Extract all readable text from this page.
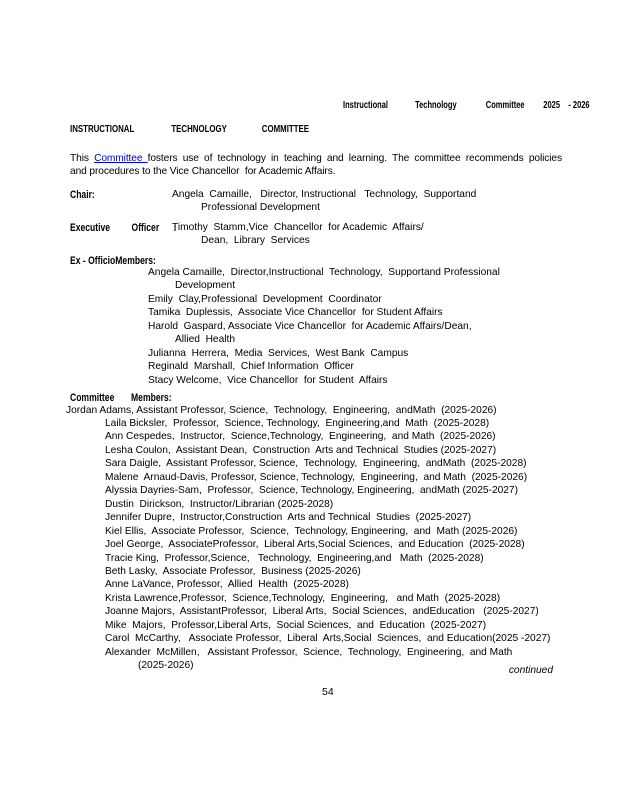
Instructional             Technology              Committee         2025    - 2026
INSTRUCTIONAL                 TECHNOLOGY                COMMITTEE
This Committee fosters use of technology in teaching and learning. The committee recommends policies
and procedures to the Vice Chancellor  for Academic Affairs.
Chair:	Angela  Camaille,   Director, Instructional   Technology,  Supportand
Professional Development
Executive         Officer      :
Timothy  Stamm,Vice  Chancellor  for Academic  Affairs/
Dean,  Library  Services
Ex - OfficioMembers:
Angela Camaille,  Director,Instructional  Technology,  Supportand Professional
Development
Emily  Clay,Professional  Development  Coordinator
Tamika  Duplessis,  Associate Vice Chancellor  for Student Affairs
Harold  Gaspard, Associate Vice Chancellor  for Academic Affairs/Dean,
Allied  Health
Julianna  Herrera,  Media  Services,  West Bank  Campus
Reginald  Marshall,  Chief Information  Officer
Stacy Welcome,  Vice Chancellor  for Student  Affairs
Committee       Members:
Jordan Adams, Assistant Professor, Science,  Technology,  Engineering,  andMath  (2025-2026)
Laila Bicksler,  Professor,  Science, Technology,  Engineering,and  Math  (2025-2028)
Ann Cespedes,  Instructor,  Science,Technology,  Engineering,  and Math  (2025-2026)
Lesha Coulon,  Assistant Dean,  Construction  Arts and Technical  Studies (2025-2027)
Sara Daigle,  Assistant Professor, Science,  Technology,  Engineering,  andMath  (2025-2028)
Malene  Arnaud-Davis, Professor, Science, Technology,  Engineering,  and Math  (2025-2026)
Alyssia Dayries-Sam,  Professor,  Science, Technology, Engineering,  andMath (2025-2027)
Dustin  Dirickson,  Instructor/Librarian (2025-2028)
Jennifer Dupre,  Instructor,Construction  Arts and Technical  Studies  (2025-2027)
Kiel Ellis,  Associate Professor,  Science,  Technology, Engineering,  and  Math (2025-2026)
Joel George,  AssociateProfessor,  Liberal Arts,Social Sciences,  and Education  (2025-2028)
Tracie King,  Professor,Science,   Technology,  Engineering,and   Math  (2025-2028)
Beth Lasky,  Associate Professor,  Business (2025-2026)
Anne LaVance, Professor,  Allied  Health  (2025-2028)
Krista Lawrence,Professor,  Science,Technology,  Engineering,   and Math  (2025-2028)
Joanne Majors,  AssistantProfessor,  Liberal Arts,  Social Sciences,  andEducation   (2025-2027)
Mike  Majors,  Professor,Liberal Arts,  Social Sciences,  and  Education  (2025-2027)
Carol  McCarthy,   Associate Professor,  Liberal  Arts,Social  Sciences,  and Education(2025 -2027)
Alexander  McMillen,   Assistant Professor,  Science,  Technology,  Engineering,  and Math
(2025-2026)	continued
54
